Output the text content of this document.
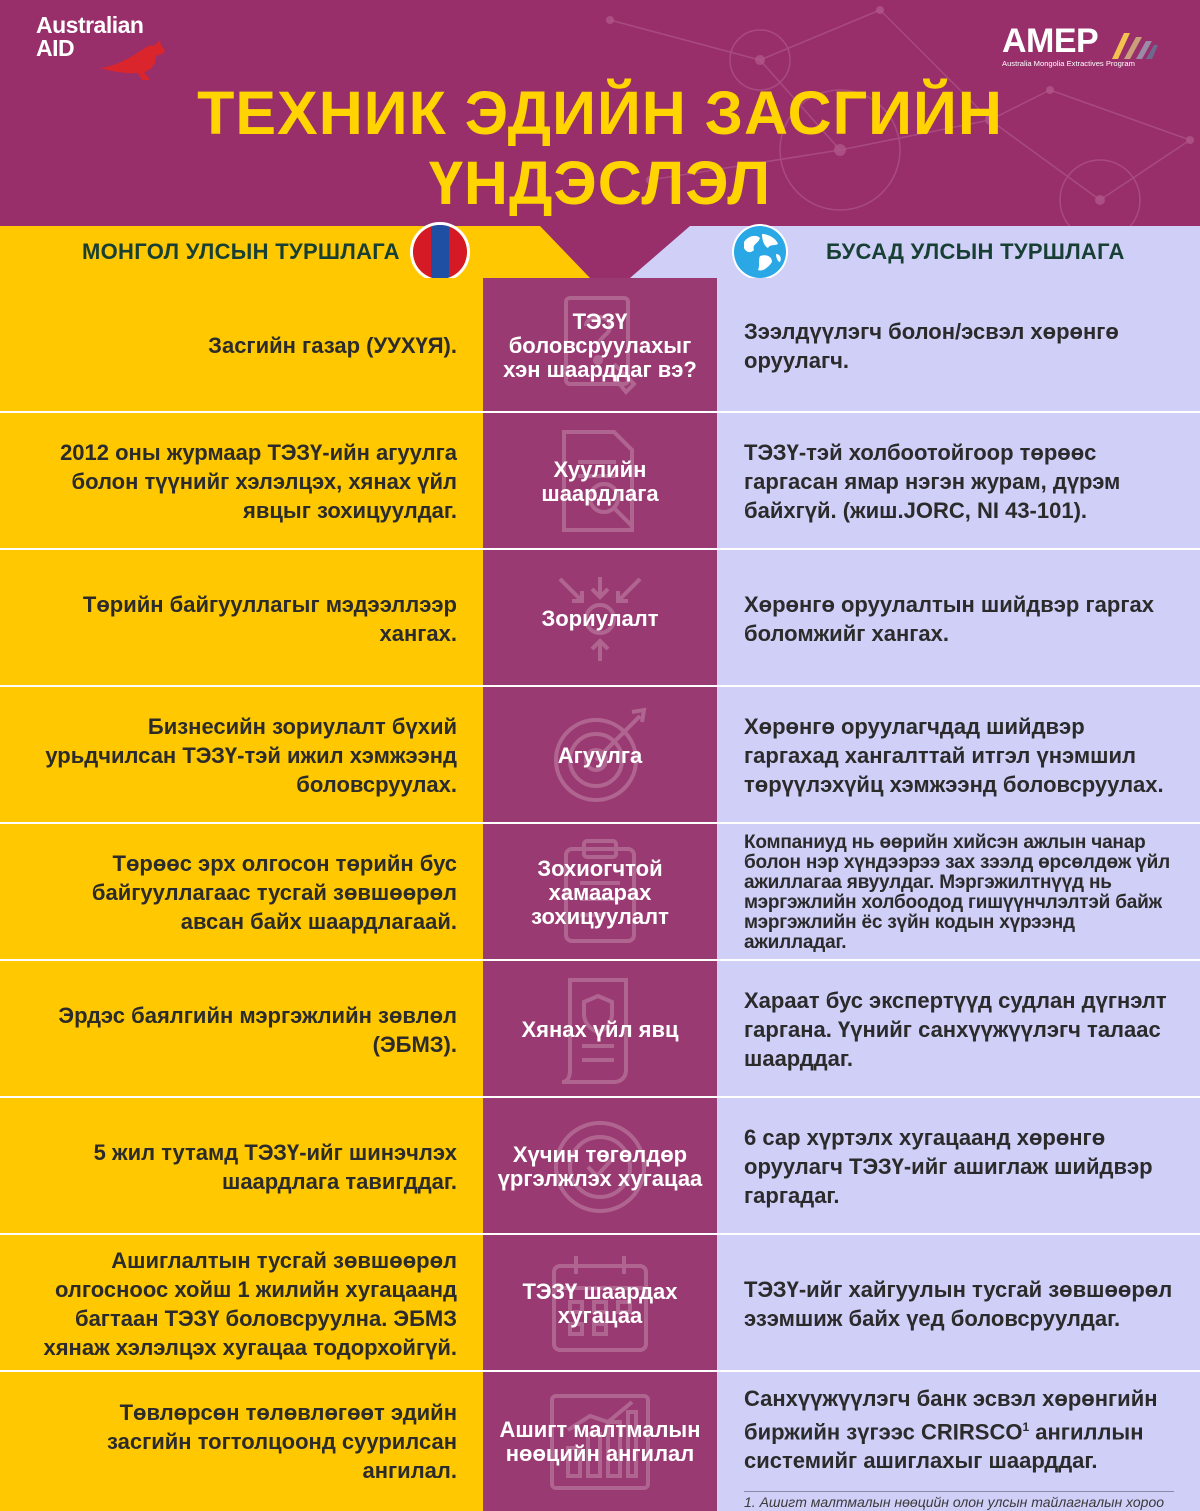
Australian
AID	AMEP
Australia Mongolia Extractives Program
ТЕХНИК ЭДИЙН ЗАСГИЙН
ҮНДЭСЛЭЛ
МОНГОЛ УЛСЫН ТУРШЛАГА	БУСАД УЛСЫН ТУРШЛАГА

Засгийн газар (УУХҮЯ).

ТЭЗҮ боловсруулахыг хэн шаарддаг вэ?

Зээлдүүлэгч болон/эсвэл хөрөнгө оруулагч.

2012 оны журмаар ТЭЗҮ-ийн агуулга болон түүнийг хэлэлцэх, хянах үйл явцыг зохицуулдаг.

Хуулийн шаардлага

ТЭЗҮ-тэй холбоотойгоор төрөөс гаргасан ямар нэгэн журам, дүрэм байхгүй. (жиш.JORC, NI 43-101).

Төрийн байгууллагыг мэдээллээр хангах.

Зориулалт

Хөрөнгө оруулалтын шийдвэр гаргах боломжийг хангах.

Бизнесийн зориулалт бүхий урьдчилсан ТЭЗҮ-тэй ижил хэмжээнд боловсруулах.

Агуулга

Хөрөнгө оруулагчдад шийдвэр гаргахад хангалттай итгэл үнэмшил төрүүлэхүйц хэмжээнд боловсруулах.

Төрөөс эрх олгосон төрийн бус байгууллагаас тусгай зөвшөөрөл авсан байх шаардлагаай.

Зохиогчтой хамаарах зохицуулалт

Компаниуд нь өөрийн хийсэн ажлын чанар болон нэр хүндээрээ зах зээлд өрсөлдөж үйл ажиллагаа явуулдаг. Мэргэжилтнүүд нь мэргэжлийн холбоодод гишүүнчлэлтэй байж мэргэжлийн ёс зүйн кодын хүрээнд ажилладаг.

Эрдэс баялгийн мэргэжлийн зөвлөл (ЭБМЗ).

Хянах үйл явц

Хараат бус экспертүүд судлан дүгнэлт гаргана. Үүнийг санхүүжүүлэгч талаас шаарддаг.

5 жил тутамд ТЭЗҮ-ийг шинэчлэх шаардлага тавигддаг.

Хүчин төгөлдөр үргэлжлэх хугацаа

6 сар хүртэлх хугацаанд хөрөнгө оруулагч ТЭЗҮ-ийг ашиглаж шийдвэр гаргадаг.

Ашиглалтын тусгай зөвшөөрөл олгосноос хойш 1 жилийн хугацаанд багтаан ТЭЗҮ боловсруулна. ЭБМЗ хянаж хэлэлцэх хугацаа тодорхойгүй.

ТЭЗҮ шаардах хугацаа

ТЭЗҮ-ийг хайгуулын тусгай зөвшөөрөл эзэмшиж байх үед боловсруулдаг.

Төвлөрсөн төлөвлөгөөт эдийн засгийн тогтолцоонд суурилсан ангилал.

Ашигт малтмалын нөөцийн ангилал

Санхүүжүүлэгч банк эсвэл хөрөнгийн биржийн зүгээс CRIRSCO$^1$ ангиллын системийг ашиглахыг шаарддаг.

1. Ашигт малтмалын нөөцийн олон улсын тайлагналын хороо
